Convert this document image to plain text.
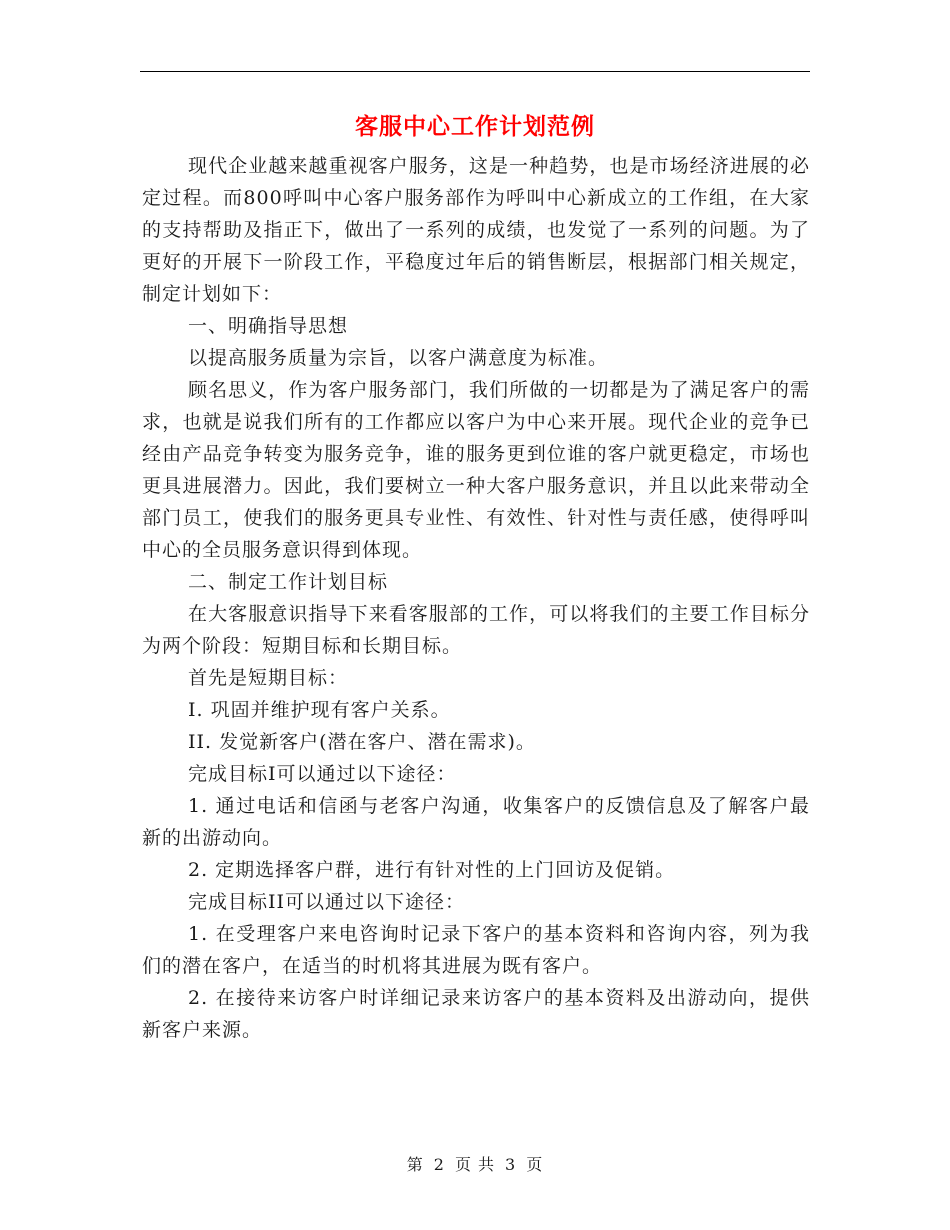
客服中心工作计划范例

现代企业越来越重视客户服务，这是一种趋势，也是市场经济进展的必定过程。而800呼叫中心客户服务部作为呼叫中心新成立的工作组，在大家的支持帮助及指正下，做出了一系列的成绩，也发觉了一系列的问题。为了更好的开展下一阶段工作，平稳度过年后的销售断层，根据部门相关规定，制定计划如下：

一、明确指导思想

以提高服务质量为宗旨，以客户满意度为标准。

顾名思义，作为客户服务部门，我们所做的一切都是为了满足客户的需求，也就是说我们所有的工作都应以客户为中心来开展。现代企业的竞争已经由产品竞争转变为服务竞争，谁的服务更到位谁的客户就更稳定，市场也更具进展潜力。因此，我们要树立一种大客户服务意识，并且以此来带动全部门员工，使我们的服务更具专业性、有效性、针对性与责任感，使得呼叫中心的全员服务意识得到体现。

二、制定工作计划目标

在大客服意识指导下来看客服部的工作，可以将我们的主要工作目标分为两个阶段：短期目标和长期目标。

首先是短期目标：

I. 巩固并维护现有客户关系。

II. 发觉新客户(潜在客户、潜在需求)。

完成目标I可以通过以下途径：

1. 通过电话和信函与老客户沟通，收集客户的反馈信息及了解客户最新的出游动向。

2. 定期选择客户群，进行有针对性的上门回访及促销。

完成目标II可以通过以下途径：

1. 在受理客户来电咨询时记录下客户的基本资料和咨询内容，列为我们的潜在客户，在适当的时机将其进展为既有客户。

2. 在接待来访客户时详细记录来访客户的基本资料及出游动向，提供新客户来源。

第 2 页 共 3 页
